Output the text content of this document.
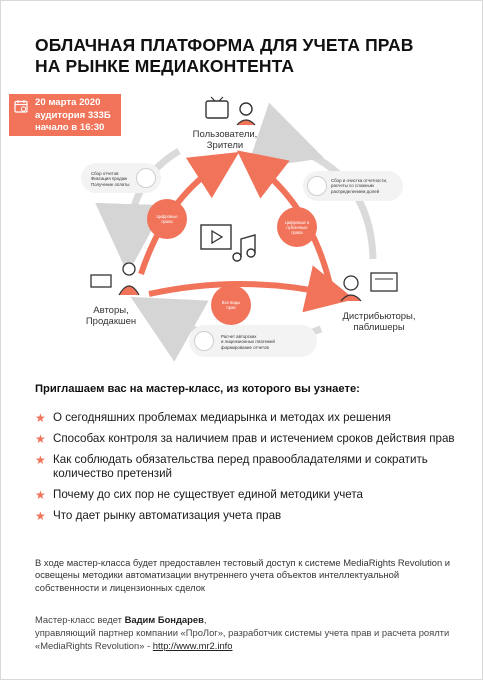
ОБЛАЧНАЯ ПЛАТФОРМА ДЛЯ УЧЕТА ПРАВ
НА РЫНКЕ МЕДИАКОНТЕНТА
20 марта 2020
аудитория 333Б
начало в 16:30
Пользователи,
Зрители
Авторы,
Продакшен	Дистрибьюторы,
паблишеры
Цифровые
права	Цифровые и
публичные
права
Все виды
прав
Сбор отчетов
Фиксация продаж
Получение оплаты
Сбор и очистка отчетности,
расчеты со сложным
распределением долей
Расчет авторских
и лицензионных платежей
формирование отчетов
Приглашаем вас на мастер-класс, из которого вы узнаете:
★ О сегодняшних проблемах медиарынка и методах их решения
★ Способах контроля за наличием прав и истечением сроков действия прав
★ Как соблюдать обязательства перед правообладателями и сократить количество претензий
★ Почему до сих пор не существует единой методики учета
★ Что дает рынку автоматизация учета прав
В ходе мастер-класса будет предоставлен тестовый доступ к системе MediaRights Revolution и освещены методики автоматизации внутреннего учета объектов интеллектуальной собственности и лицензионных сделок
Мастер-класс ведет Вадим Бондарев,
управляющий партнер компании «ПроЛог», разработчик системы учета прав и расчета роялти «MediaRights Revolution» - http://www.mr2.info
